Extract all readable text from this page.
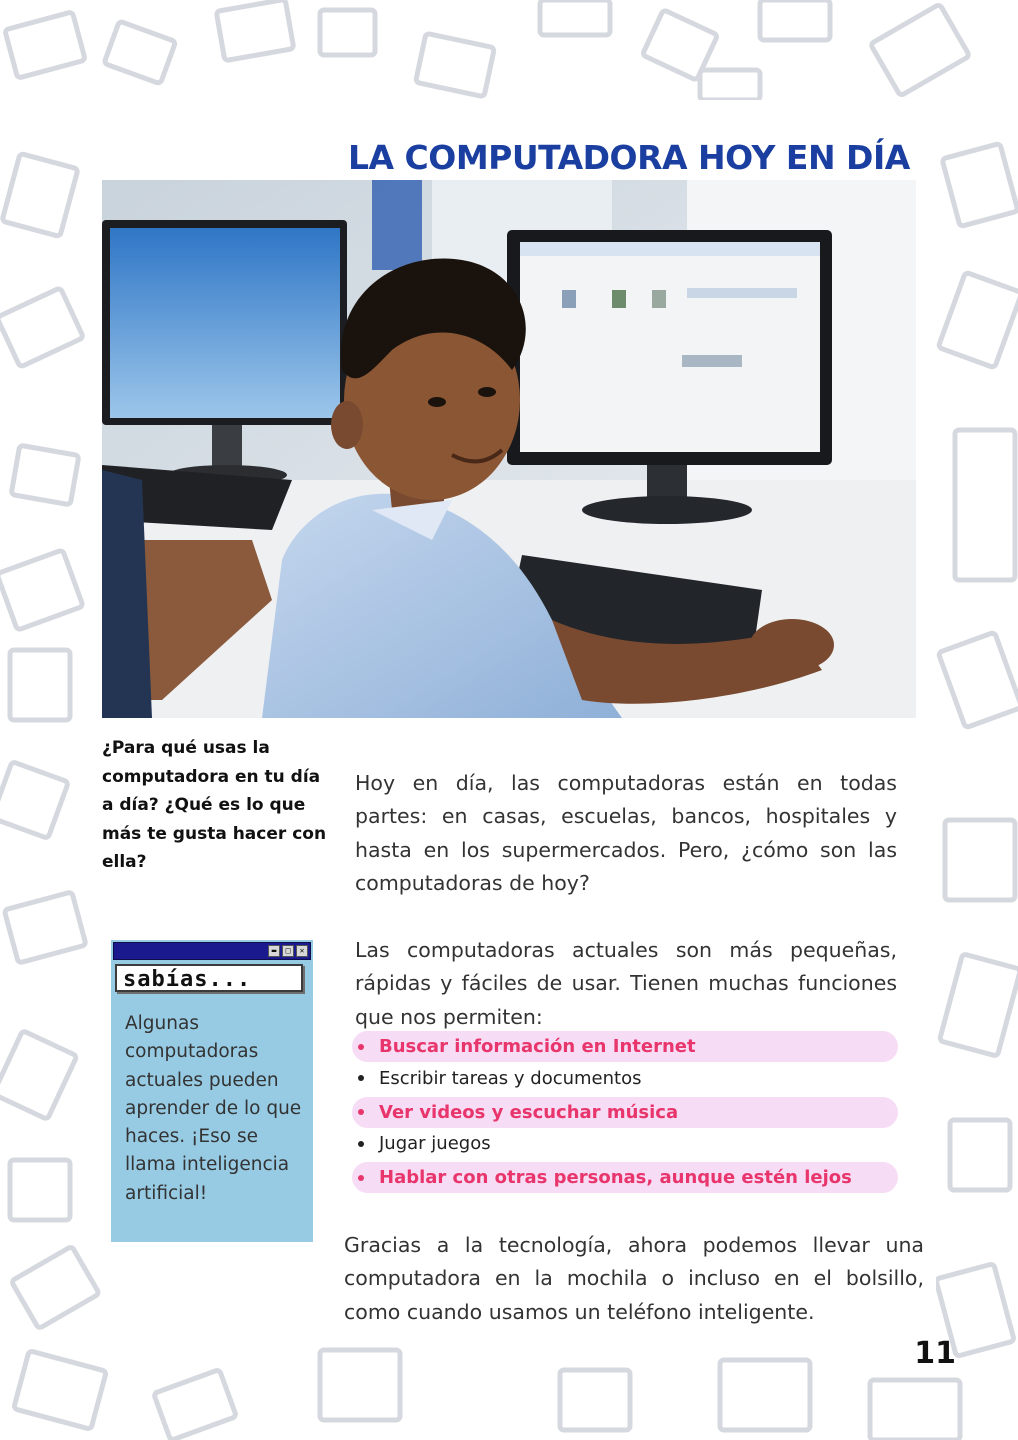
LA COMPUTADORA HOY EN DÍA
¿Para qué usas la computadora en tu día a día? ¿Qué es lo que más te gusta hacer con ella?

Hoy en día, las computadoras están en todas partes: en casas, escuelas, bancos, hospitales y hasta en los supermercados. Pero, ¿cómo son las computadoras de hoy?

Las computadoras actuales son más pequeñas, rápidas y fáciles de usar. Tienen muchas funciones que nos permiten:

Buscar información en Internet
Escribir tareas y documentos
Ver videos y escuchar música
Jugar juegos
Hablar con otras personas, aunque estén lejos

Gracias a la tecnología, ahora podemos llevar una computadora en la mochila o incluso en el bolsillo, como cuando usamos un teléfono inteligente.

▬	□	✕
sabías...
Algunas computadoras actuales pueden aprender de lo que haces. ¡Eso se llama inteligencia artificial!
11
